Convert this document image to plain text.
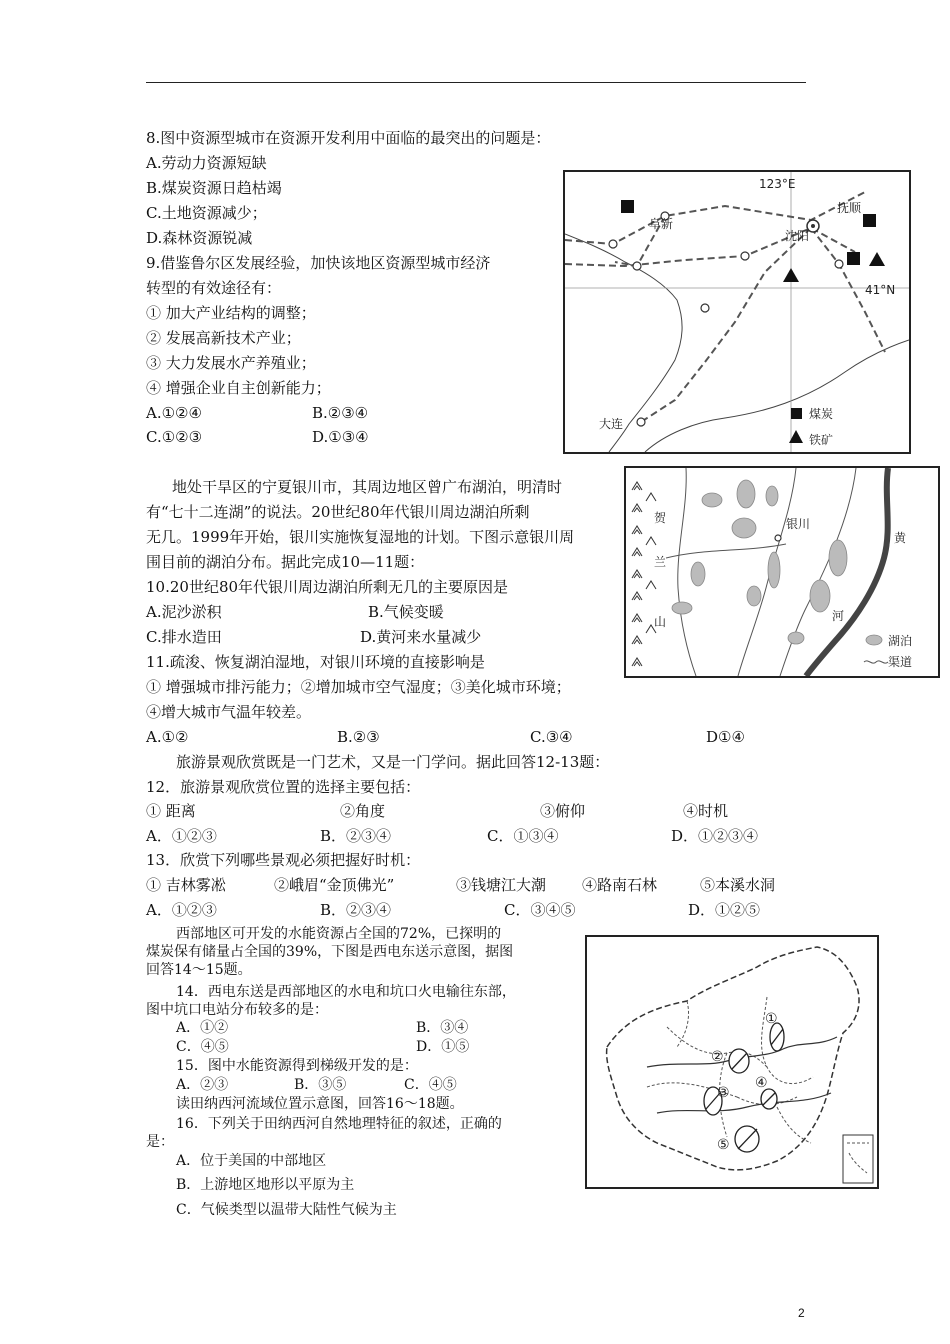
8.图中资源型城市在资源开发利用中面临的最突出的问题是：
A.劳动力资源短缺
B.煤炭资源日趋枯竭
C.土地资源减少；
D.森林资源锐减
9.借鉴鲁尔区发展经验，加快该地区资源型城市经济
转型的有效途径有：
① 加大产业结构的调整；
② 发展高新技术产业；
③ 大力发展水产养殖业；
④ 增强企业自主创新能力；
A.①②④	B.②③④
C.①②③	D.①③④
123°E
41°N
阜新
抚顺
沈阳
大连
煤炭
铁矿
地处干旱区的宁夏银川市，其周边地区曾广布湖泊，明清时
有“七十二连湖”的说法。20世纪80年代银川周边湖泊所剩
无几。1999年开始，银川实施恢复湿地的计划。下图示意银川周
围目前的湖泊分布。据此完成10—11题：
10.20世纪80年代银川周边湖泊所剩无几的主要原因是
A.泥沙淤积	B.气候变暖
C.排水造田	D.黄河来水量减少
11.疏浚、恢复湖泊湿地，对银川环境的直接影响是
① 增强城市排污能力；②增加城市空气湿度；③美化城市环境；
④增大城市气温年较差。
A.①②	B.②③	C.③④	D①④
银川
贺
兰
山
黄
河
湖泊
渠道
旅游景观欣赏既是一门艺术，又是一门学问。据此回答12-13题：
12．旅游景观欣赏位置的选择主要包括：
① 距离	②角度	③俯仰	④时机
A．①②③	B．②③④	C．①③④	D．①②③④
13．欣赏下列哪些景观必须把握好时机：
① 吉林雾凇	②峨眉“金顶佛光”	③钱塘江大潮 ④路南石林	⑤本溪水洞
A．①②③	B．②③④	C．③④⑤	D．①②⑤
西部地区可开发的水能资源占全国的72%，已探明的
煤炭保有储量占全国的39%，下图是西电东送示意图，据图
回答14～15题。
14．西电东送是西部地区的水电和坑口火电输往东部，
图中坑口电站分布较多的是：
A．①②	B．③④
C．④⑤	D．①⑤
15．图中水能资源得到梯级开发的是：
A．②③	B．③⑤	C．④⑤
读田纳西河流域位置示意图，回答16～18题。
16．下列关于田纳西河自然地理特征的叙述，正确的
是：
A．位于美国的中部地区
B．上游地区地形以平原为主
C．气候类型以温带大陆性气候为主
①
②
③
④
⑤
2
